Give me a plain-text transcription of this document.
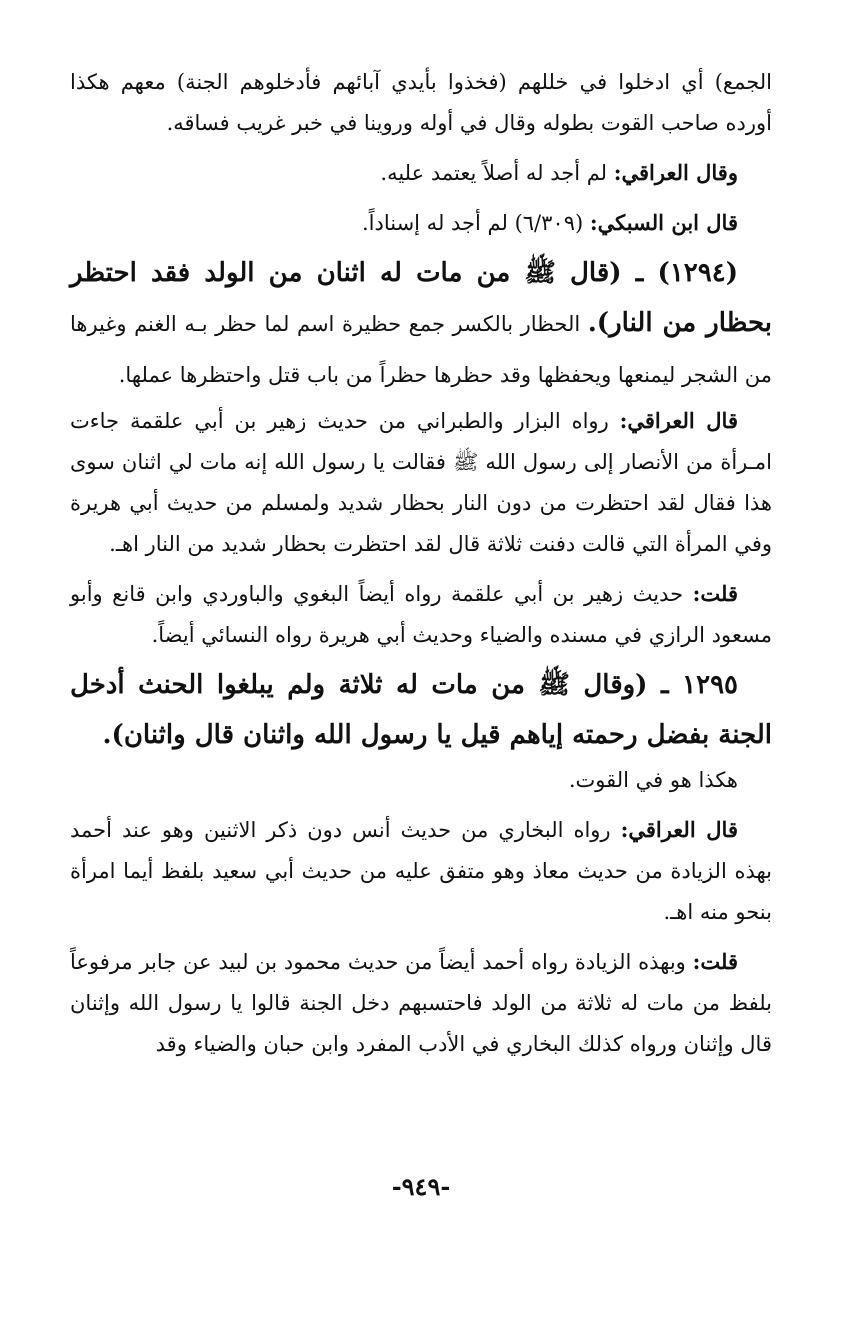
الجمع) أي ادخلوا في خللهم (فخذوا بأيدي آبائهم فأدخلوهم الجنة) معهم هكذا أورده صاحب القوت بطوله وقال في أوله وروينا في خبر غريب فساقه.

وقال العراقي: لم أجد له أصلاً يعتمد عليه.

قال ابن السبكي: (٦/٣٠٩) لم أجد له إسناداً.

(١٢٩٤) ـ (قال ﷺ من مات له اثنان من الولد فقد احتظر بحظار من النار). الحظار بالكسر جمع حظيرة اسم لما حظر بـه الغنم وغيرها من الشجر ليمنعها ويحفظها وقد حظرها حظراً من باب قتل واحتظرها عملها.

قال العراقي: رواه البزار والطبراني من حديث زهير بن أبي علقمة جاءت امـرأة من الأنصار إلى رسول الله ﷺ فقالت يا رسول الله إنه مات لي اثنان سوى هذا فقال لقد احتظرت من دون النار بحظار شديد ولمسلم من حديث أبي هريرة وفي المرأة التي قالت دفنت ثلاثة قال لقد احتظرت بحظار شديد من النار اهـ.

قلت: حديث زهير بن أبي علقمة رواه أيضاً البغوي والباوردي وابن قانع وأبو مسعود الرازي في مسنده والضياء وحديث أبي هريرة رواه النسائي أيضاً.

١٢٩٥ ـ (وقال ﷺ من مات له ثلاثة ولم يبلغوا الحنث أدخل الجنة بفضل رحمته إياهم قيل يا رسول الله واثنان قال واثنان).

هكذا هو في القوت.

قال العراقي: رواه البخاري من حديث أنس دون ذكر الاثنين وهو عند أحمد بهذه الزيادة من حديث معاذ وهو متفق عليه من حديث أبي سعيد بلفظ أيما امرأة بنحو منه اهـ.

قلت: وبهذه الزيادة رواه أحمد أيضاً من حديث محمود بن لبيد عن جابر مرفوعاً بلفظ من مات له ثلاثة من الولد فاحتسبهم دخل الجنة قالوا يا رسول الله وإثنان قال وإثنان ورواه كذلك البخاري في الأدب المفرد وابن حبان والضياء وقد

-٩٤٩-
